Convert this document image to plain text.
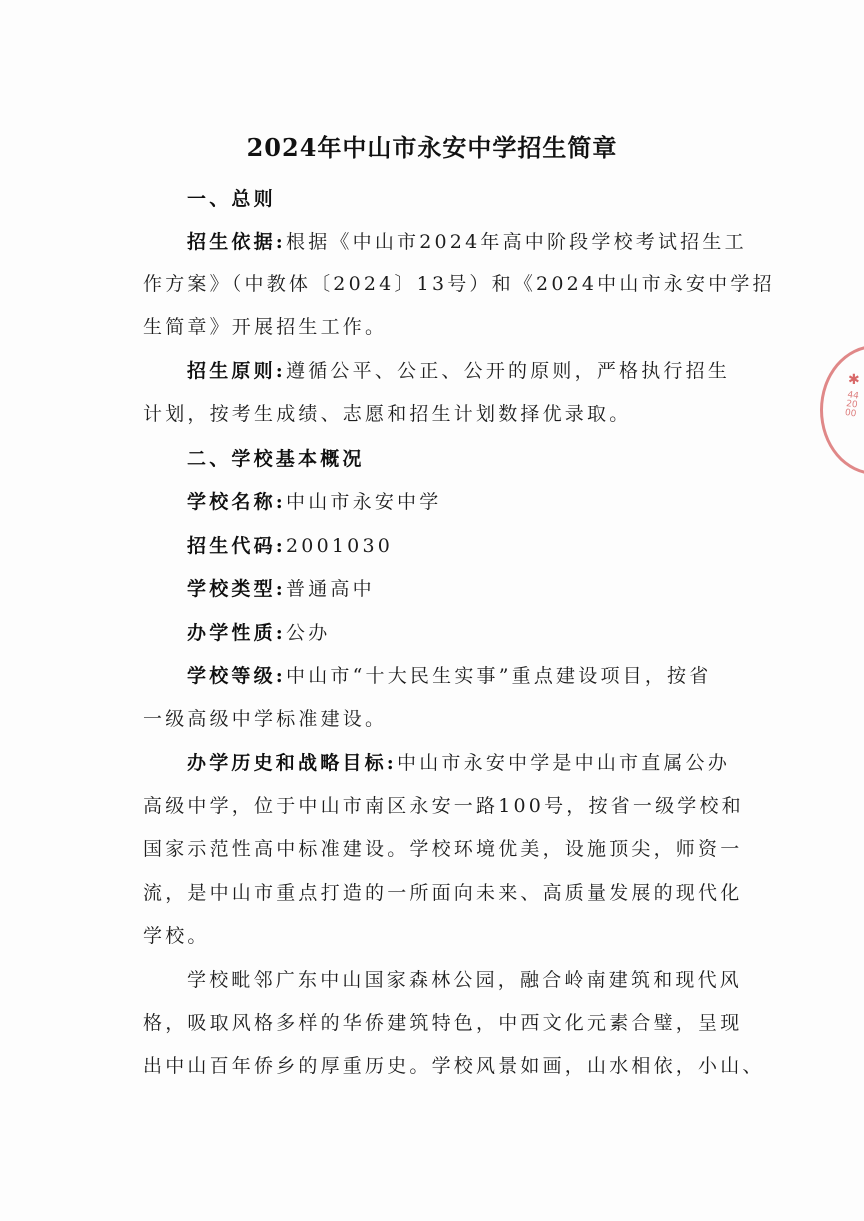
2024年中山市永安中学招生简章
一、总则
招生依据:根据《中山市2024年高中阶段学校考试招生工
作方案》（中教体〔2024〕13号）和《2024中山市永安中学招
生简章》开展招生工作。
招生原则:遵循公平、公正、公开的原则，严格执行招生
计划，按考生成绩、志愿和招生计划数择优录取。
二、学校基本概况
学校名称:中山市永安中学
招生代码:2001030
学校类型:普通高中
办学性质:公办
学校等级:中山市“十大民生实事”重点建设项目，按省
一级高级中学标准建设。
办学历史和战略目标:中山市永安中学是中山市直属公办
高级中学，位于中山市南区永安一路100号，按省一级学校和
国家示范性高中标准建设。学校环境优美，设施顶尖，师资一
流，是中山市重点打造的一所面向未来、高质量发展的现代化
学校。
学校毗邻广东中山国家森林公园，融合岭南建筑和现代风
格，吸取风格多样的华侨建筑特色，中西文化元素合璧，呈现
出中山百年侨乡的厚重历史。学校风景如画，山水相依，小山、
✱
442000
